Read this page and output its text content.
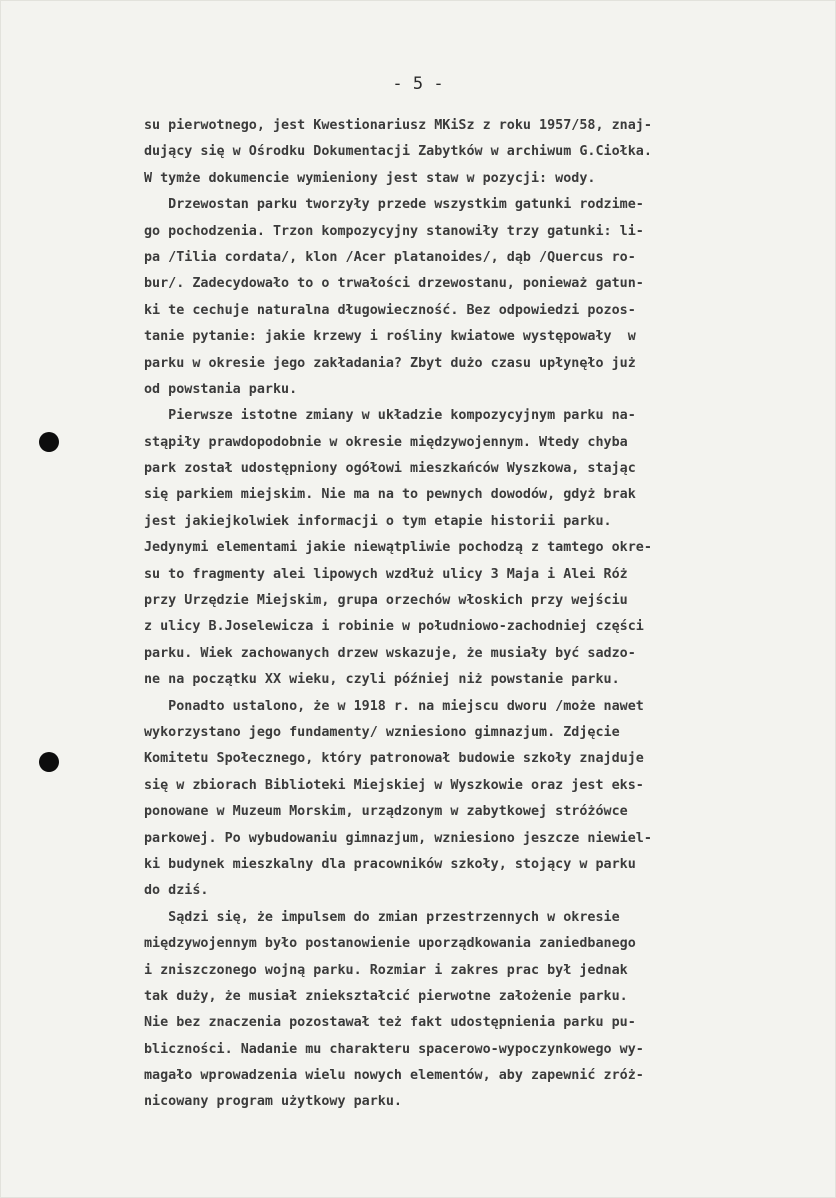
- 5 -
su pierwotnego, jest Kwestionariusz MKiSz z roku 1957/58, znaj-
dujący się w Ośrodku Dokumentacji Zabytków w archiwum G.Ciołka.
W tymże dokumencie wymieniony jest staw w pozycji: wody.
Drzewostan parku tworzyły przede wszystkim gatunki rodzime-
go pochodzenia. Trzon kompozycyjny stanowiły trzy gatunki: li-
pa /Tilia cordata/, klon /Acer platanoides/, dąb /Quercus ro-
bur/. Zadecydowało to o trwałości drzewostanu, ponieważ gatun-
ki te cechuje naturalna długowieczność. Bez odpowiedzi pozos-
tanie pytanie: jakie krzewy i rośliny kwiatowe występowały  w
parku w okresie jego zakładania? Zbyt dużo czasu upłynęło już
od powstania parku.
Pierwsze istotne zmiany w układzie kompozycyjnym parku na-
stąpiły prawdopodobnie w okresie międzywojennym. Wtedy chyba
park został udostępniony ogółowi mieszkańców Wyszkowa, stając
się parkiem miejskim. Nie ma na to pewnych dowodów, gdyż brak
jest jakiejkolwiek informacji o tym etapie historii parku.
Jedynymi elementami jakie niewątpliwie pochodzą z tamtego okre-
su to fragmenty alei lipowych wzdłuż ulicy 3 Maja i Alei Róż
przy Urzędzie Miejskim, grupa orzechów włoskich przy wejściu
z ulicy B.Joselewicza i robinie w południowo-zachodniej części
parku. Wiek zachowanych drzew wskazuje, że musiały być sadzo-
ne na początku XX wieku, czyli później niż powstanie parku.
Ponadto ustalono, że w 1918 r. na miejscu dworu /może nawet
wykorzystano jego fundamenty/ wzniesiono gimnazjum. Zdjęcie
Komitetu Społecznego, który patronował budowie szkoły znajduje
się w zbiorach Biblioteki Miejskiej w Wyszkowie oraz jest eks-
ponowane w Muzeum Morskim, urządzonym w zabytkowej stróżówce
parkowej. Po wybudowaniu gimnazjum, wzniesiono jeszcze niewiel-
ki budynek mieszkalny dla pracowników szkoły, stojący w parku
do dziś.
Sądzi się, że impulsem do zmian przestrzennych w okresie
międzywojennym było postanowienie uporządkowania zaniedbanego
i zniszczonego wojną parku. Rozmiar i zakres prac był jednak
tak duży, że musiał zniekształcić pierwotne założenie parku.
Nie bez znaczenia pozostawał też fakt udostępnienia parku pu-
bliczności. Nadanie mu charakteru spacerowo-wypoczynkowego wy-
magało wprowadzenia wielu nowych elementów, aby zapewnić zróż-
nicowany program użytkowy parku.
